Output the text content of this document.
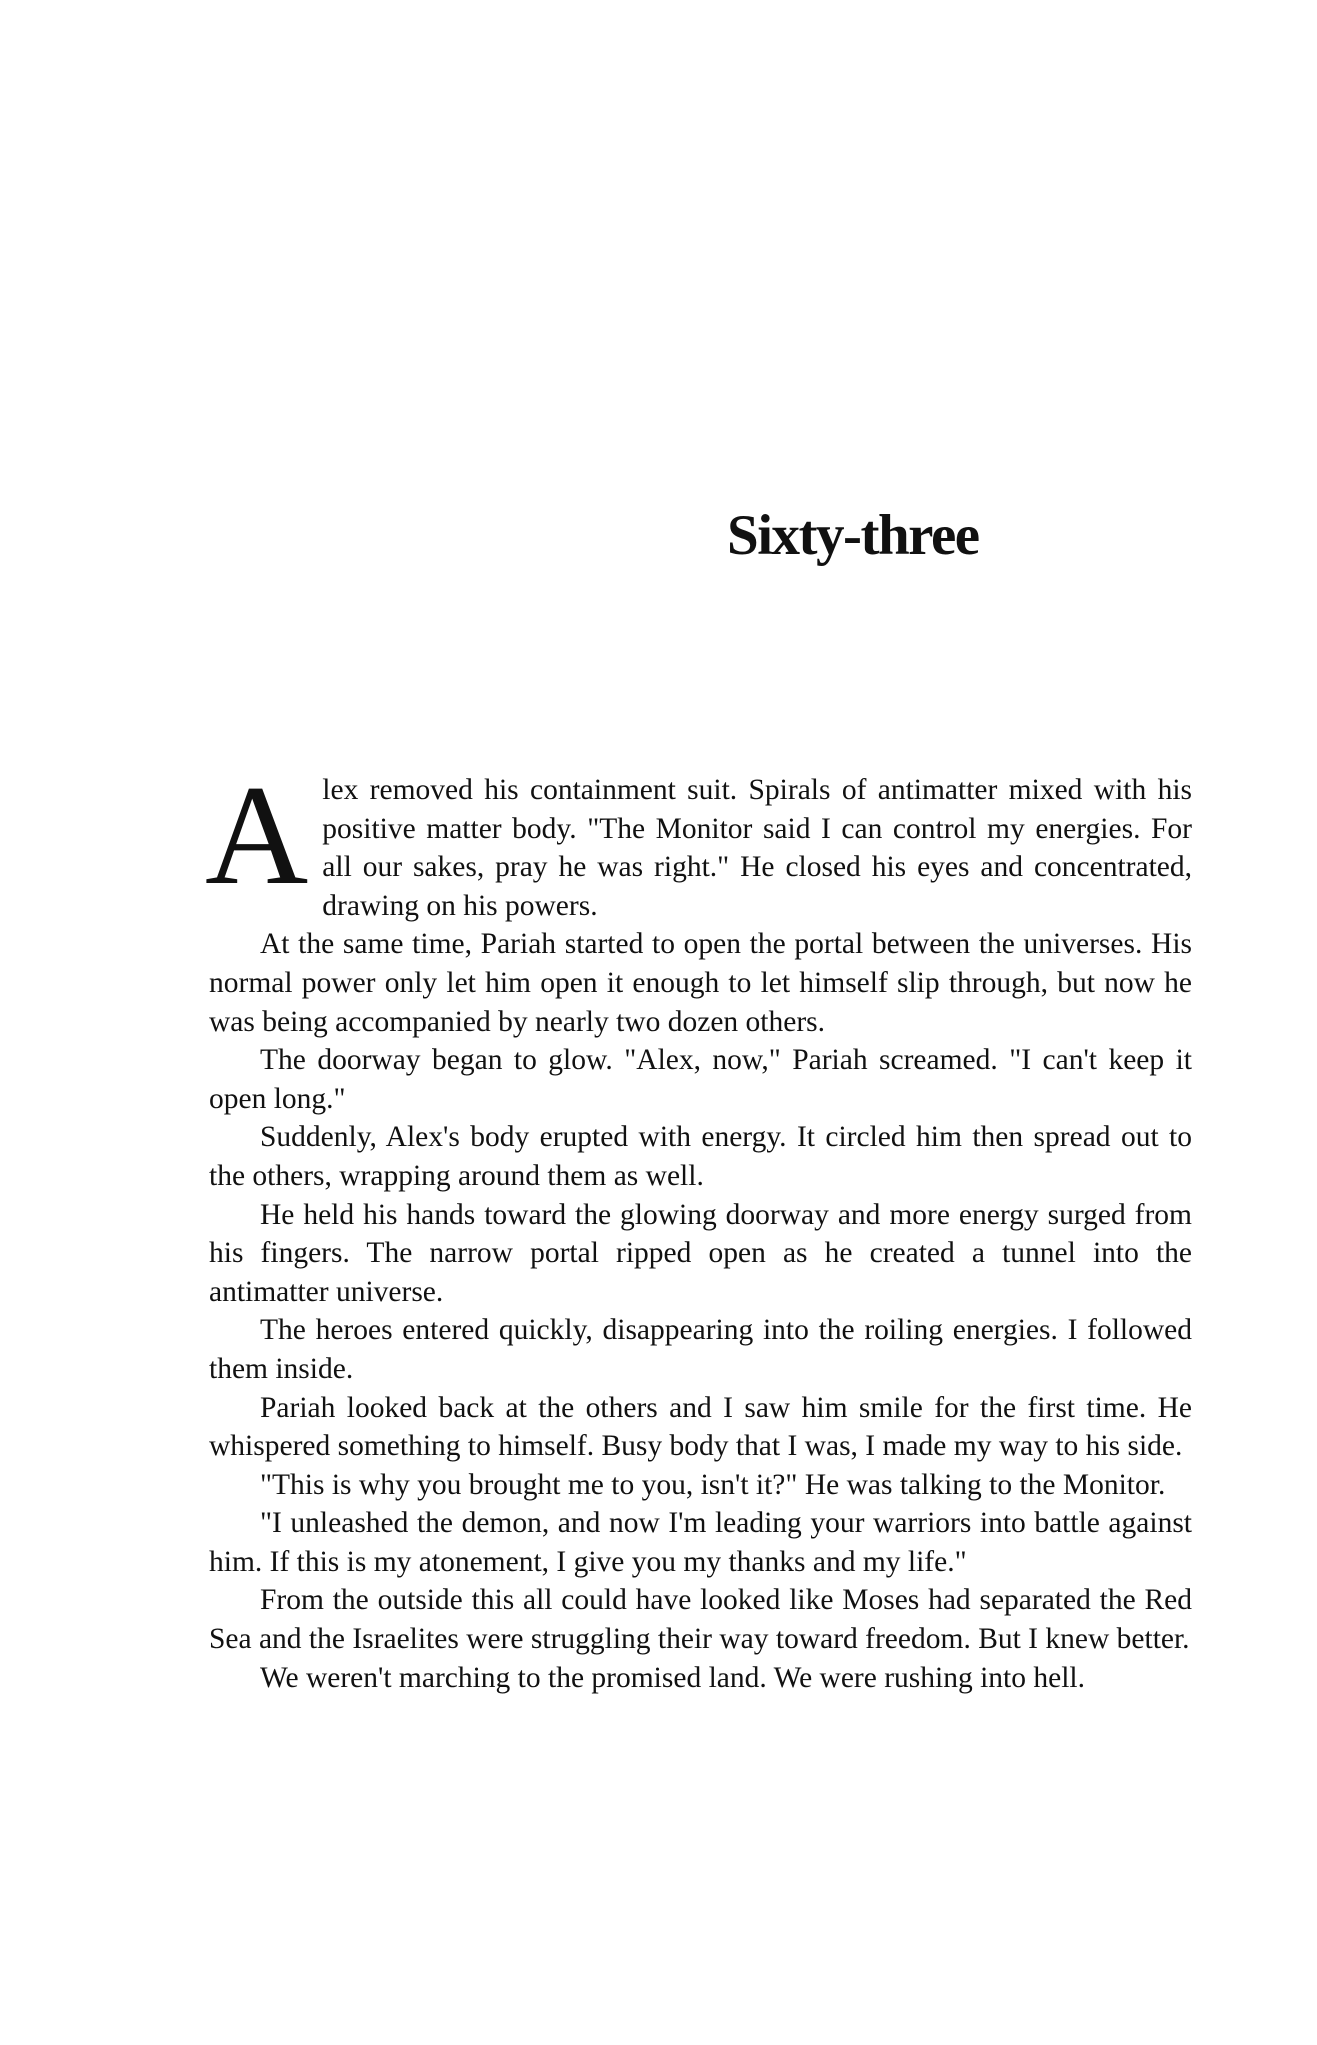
Sixty-three

Alex removed his containment suit. Spirals of antimatter mixed with his positive matter body. "The Monitor said I can control my energies. For all our sakes, pray he was right." He closed his eyes and concentrated, drawing on his powers.

At the same time, Pariah started to open the portal between the universes. His normal power only let him open it enough to let himself slip through, but now he was being accompanied by nearly two dozen others.

The doorway began to glow. "Alex, now," Pariah screamed. "I can't keep it open long."

Suddenly, Alex's body erupted with energy. It circled him then spread out to the others, wrapping around them as well.

He held his hands toward the glowing doorway and more energy surged from his fingers. The narrow portal ripped open as he created a tunnel into the antimatter universe.

The heroes entered quickly, disappearing into the roiling energies. I followed them inside.

Pariah looked back at the others and I saw him smile for the first time. He whispered something to himself. Busy body that I was, I made my way to his side.

"This is why you brought me to you, isn't it?" He was talking to the Monitor.

"I unleashed the demon, and now I'm leading your warriors into battle against him. If this is my atonement, I give you my thanks and my life."

From the outside this all could have looked like Moses had separated the Red Sea and the Israelites were struggling their way toward freedom. But I knew better.

We weren't marching to the promised land. We were rushing into hell.
